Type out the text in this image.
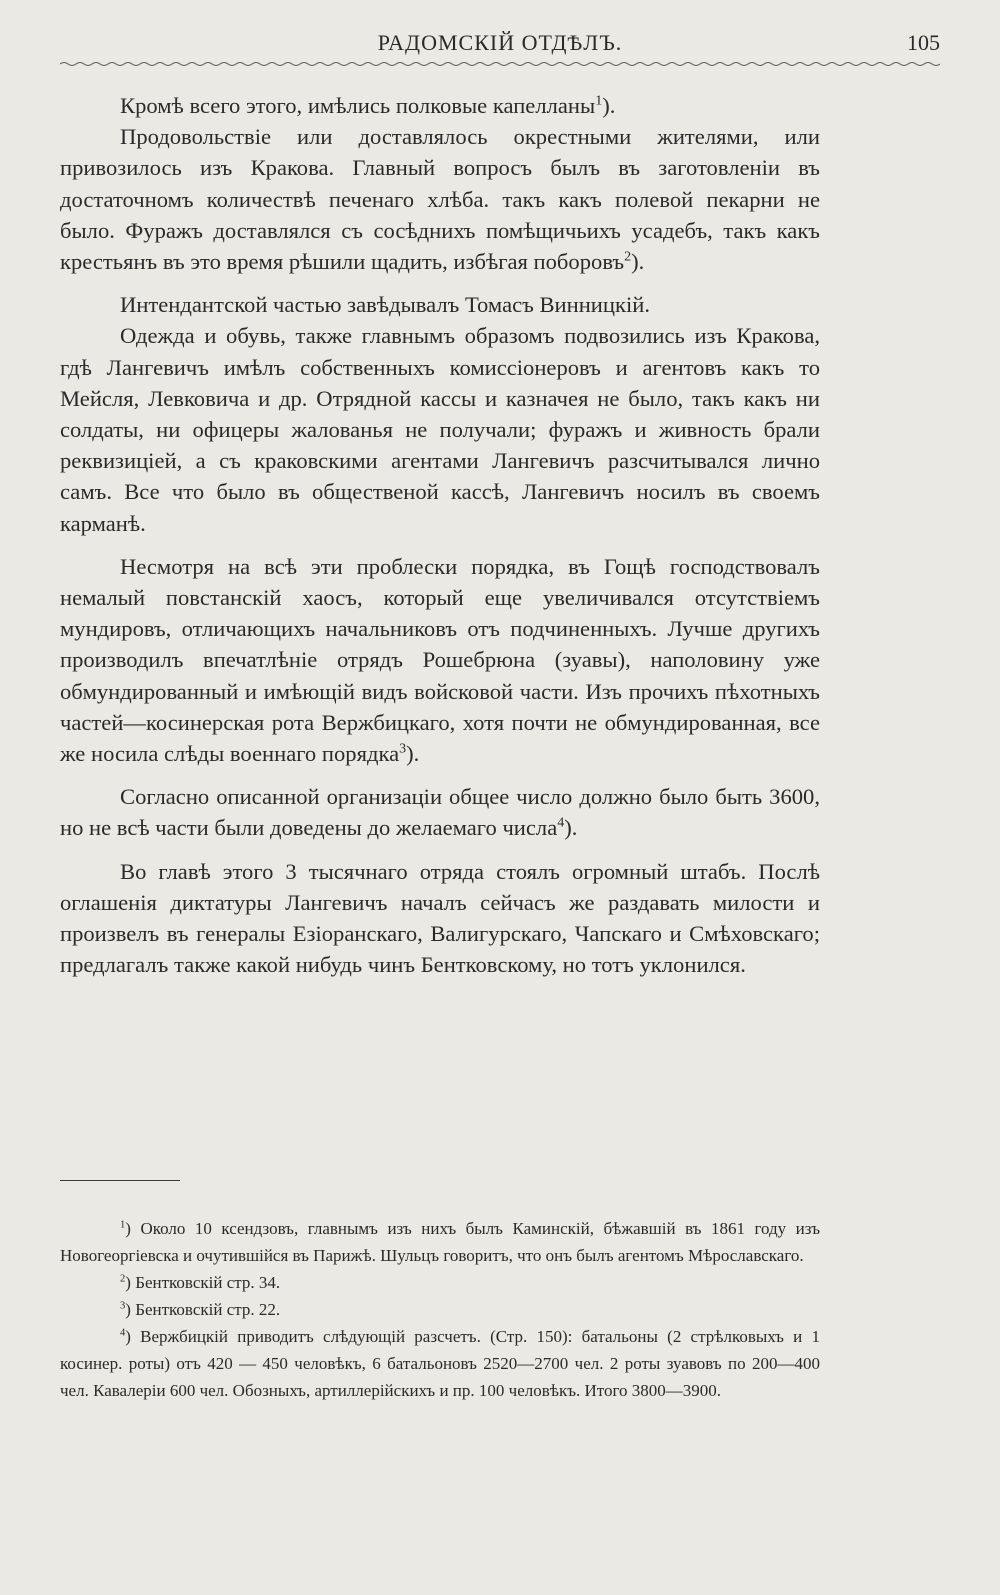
РАДОМСКІЙ ОТДѢЛЪ.	105

Кромѣ всего этого, имѣлись полковые капелланы$^1$).

Продовольствіе или доставлялось окрестными жителями, или привозилось изъ Кракова. Главный вопросъ былъ въ заготовленіи въ достаточномъ количествѣ печенаго хлѣба. такъ какъ полевой пекарни не было. Фуражъ доставлялся съ сосѣднихъ помѣщичьихъ усадебъ, такъ какъ крестьянъ въ это время рѣшили щадить, избѣгая поборовъ$^2$).

Интендантской частью завѣдывалъ Томасъ Винницкій.

Одежда и обувь, также главнымъ образомъ подвозились изъ Кракова, гдѣ Лангевичъ имѣлъ собственныхъ комиссіонеровъ и агентовъ какъ то Мейсля, Левковича и др. Отрядной кассы и казначея не было, такъ какъ ни солдаты, ни офицеры жалованья не получали; фуражъ и живность брали реквизиціей, а съ краковскими агентами Лангевичъ разсчитывался лично самъ. Все что было въ общественой кассѣ, Лангевичъ носилъ въ своемъ карманѣ.

Несмотря на всѣ эти проблески порядка, въ Гощѣ господствовалъ немалый повстанскій хаосъ, который еще увеличивался отсутствіемъ мундировъ, отличающихъ начальниковъ отъ подчиненныхъ. Лучше другихъ производилъ впечатлѣніе отрядъ Рошебрюна (зуавы), наполовину уже обмундированный и имѣющій видъ войсковой части. Изъ прочихъ пѣхотныхъ частей—косинерская рота Вержбицкаго, хотя почти не обмундированная, все же носила слѣды военнаго порядка$^3$).

Согласно описанной организаціи общее число должно было быть 3600, но не всѣ части были доведены до желаемаго числа$^4$).

Во главѣ этого 3 тысячнаго отряда стоялъ огромный штабъ. Послѣ оглашенія диктатуры Лангевичъ началъ сейчасъ же раздавать милости и произвелъ въ генералы Езіоранскаго, Валигурскаго, Чапскаго и Смѣховскаго; предлагалъ также какой нибудь чинъ Бентковскому, но тотъ уклонился.

$^1$) Около 10 ксендзовъ, главнымъ изъ нихъ былъ Каминскій, бѣжавшій въ 1861 году изъ Новогеоргіевска и очутившійся въ Парижѣ. Шульцъ говоритъ, что онъ былъ агентомъ Мѣрославскаго.

$^2$) Бентковскій стр. 34.

$^3$) Бентковскій стр. 22.

$^4$) Вержбицкій приводитъ слѣдующій разсчетъ. (Стр. 150): батальоны (2 стрѣлковыхъ и 1 косинер. роты) отъ 420 — 450 человѣкъ, 6 батальоновъ 2520—2700 чел. 2 роты зуавовъ по 200—400 чел. Кавалеріи 600 чел. Обозныхъ, артиллерійскихъ и пр. 100 человѣкъ. Итого 3800—3900.
